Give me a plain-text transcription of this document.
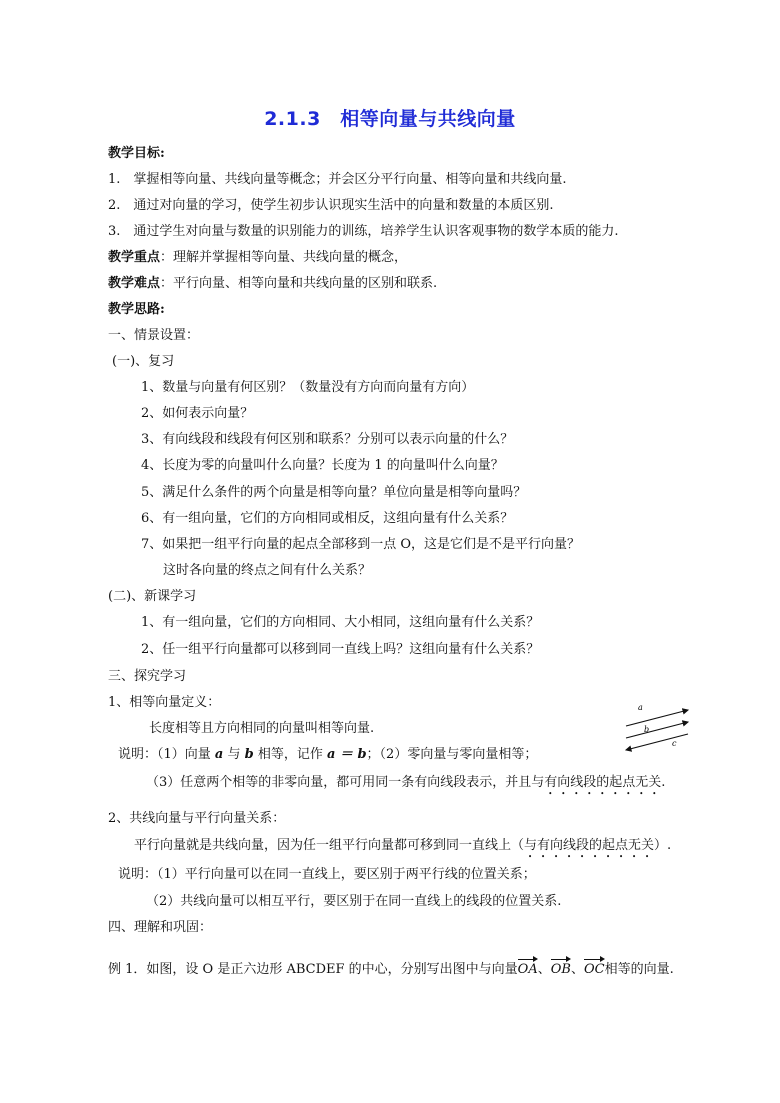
2.1.3　相等向量与共线向量
教学目标:
1.　掌握相等向量、共线向量等概念；并会区分平行向量、相等向量和共线向量.
2.　通过对向量的学习，使学生初步认识现实生活中的向量和数量的本质区别.
3.　通过学生对向量与数量的识别能力的训练，培养学生认识客观事物的数学本质的能力.
教学重点：理解并掌握相等向量、共线向量的概念，
教学难点：平行向量、相等向量和共线向量的区别和联系.
教学思路:
一、情景设置：
(一)、复习
1、数量与向量有何区别？（数量没有方向而向量有方向）
2、如何表示向量？
3、有向线段和线段有何区别和联系？分别可以表示向量的什么？
4、长度为零的向量叫什么向量？长度为 1 的向量叫什么向量？
5、满足什么条件的两个向量是相等向量？单位向量是相等向量吗？
6、有一组向量，它们的方向相同或相反，这组向量有什么关系？
7、如果把一组平行向量的起点全部移到一点 O，这是它们是不是平行向量？
这时各向量的终点之间有什么关系？
(二)、新课学习
1、有一组向量，它们的方向相同、大小相同，这组向量有什么关系？
2、任一组平行向量都可以移到同一直线上吗？这组向量有什么关系？
三、探究学习
1、相等向量定义：
长度相等且方向相同的向量叫相等向量.
说明：（1）向量 a 与 b 相等，记作 a ＝ b；（2）零向量与零向量相等；
（3）任意两个相等的非零向量，都可用同一条有向线段表示，并且与有向线段的起点无关.
a
b
c
2、共线向量与平行向量关系：
平行向量就是共线向量，因为任一组平行向量都可移到同一直线上（与有向线段的起点无关）.
说明：（1）平行向量可以在同一直线上，要区别于两平行线的位置关系；
（2）共线向量可以相互平行，要区别于在同一直线上的线段的位置关系.
四、理解和巩固：
例 1．如图，设 O 是正六边形 ABCDEF 的中心，分别写出图中与向量OA、OB、OC相等的向量.
